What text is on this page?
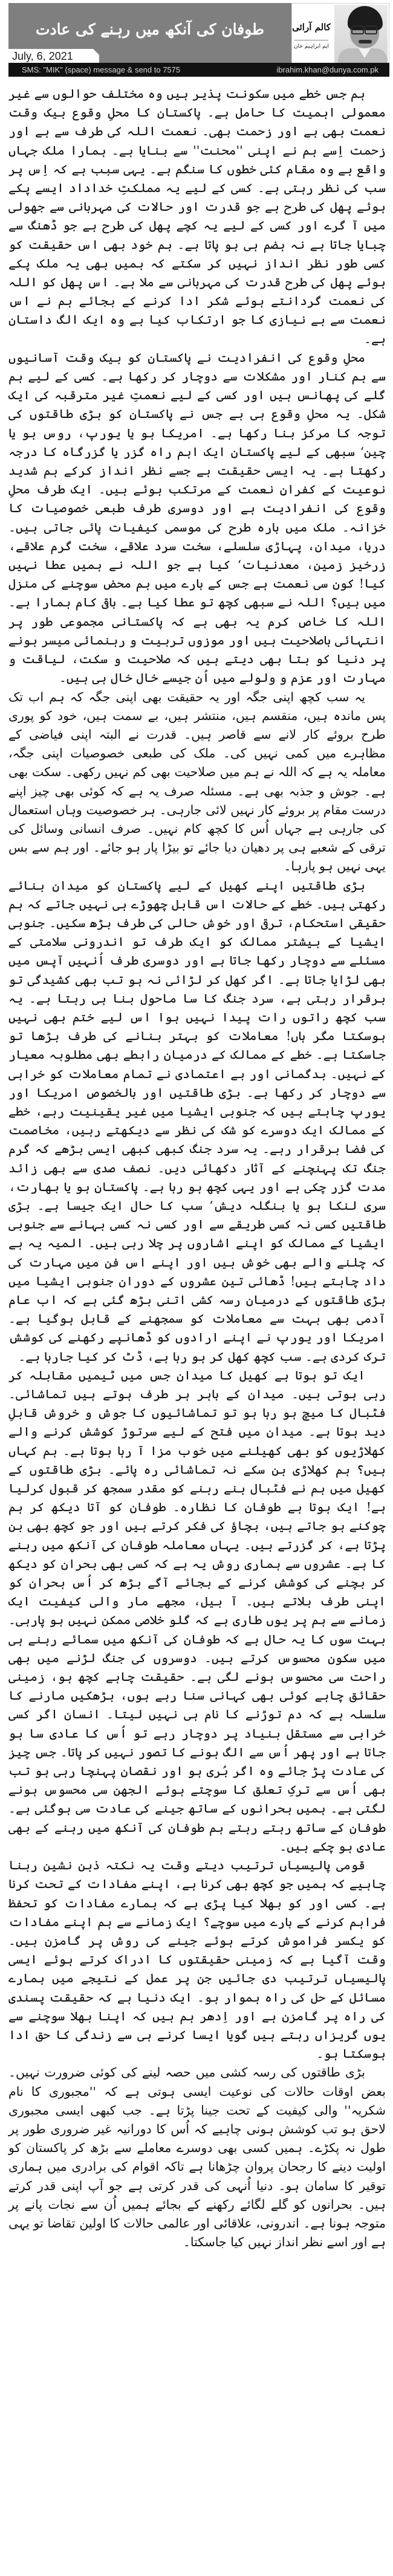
طوفان کی آنکھ میں رہنے کی عادت
July, 6, 2021
کالم آرائی
ایم ابراہیم خان
SMS: "MIK" (space) message & send to 7575	ibrahim.khan@dunya.com.pk

ہم جس خطے میں سکونت پذیر ہیں وہ مختلف حوالوں سے غیر معمولی اہمیت کا حامل ہے۔ پاکستان کا محلِ وقوع بیک وقت نعمت بھی ہے اور زحمت بھی۔ نعمت اللہ کی طرف سے ہے اور زحمت اِسے ہم نے اپنی ''محنت'' سے بنایا ہے۔ ہمارا ملک جہاں واقع ہے وہ مقام کئی خطوں کا سنگم ہے۔ یہی سبب ہے کہ اِس پر سب کی نظر رہتی ہے۔ کسی کے لیے یہ مملکتِ خداداد ایسے پکے ہوئے پھل کی طرح ہے جو قدرت اور حالات کی مہربانی سے جھولی میں آ گرے اور کسی کے لیے یہ کچے پھل کی طرح ہے جو ڈھنگ سے چبایا جاتا ہے نہ ہضم ہی ہو پاتا ہے۔ ہم خود بھی اس حقیقت کو کسی طور نظر انداز نہیں کر سکتے کہ ہمیں بھی یہ ملک پکے ہوئے پھل کی طرح قدرت کی مہربانی سے ملا ہے۔ اس پھل کو اللہ کی نعمت گردانتے ہوئے شکر ادا کرنے کے بجائے ہم نے اس نعمت سے بے نیازی کا جو ارتکاب کیا ہے وہ ایک الگ داستان ہے۔

محلِ وقوع کی انفرادیت نے پاکستان کو بیک وقت آسانیوں سے ہم کنار اور مشکلات سے دوچار کر رکھا ہے۔ کسی کے لیے ہم گلے کی پھانس ہیں اور کسی کے لیے نعمتِ غیر مترقبہ کی ایک شکل۔ یہ محلِ وقوع ہی ہے جس نے پاکستان کو بڑی طاقتوں کی توجہ کا مرکز بنا رکھا ہے۔ امریکا ہو یا یورپ، روس ہو یا چین‘ سبھی کے لیے پاکستان ایک اہم راہ گزر یا گزرگاہ کا درجہ رکھتا ہے۔ یہ ایسی حقیقت ہے جسے نظر انداز کرکے ہم شدید نوعیت کے کفرانِ نعمت کے مرتکب ہوئے ہیں۔ ایک طرف محلِ وقوع کی انفرادیت ہے اور دوسری طرف طبعی خصوصیات کا خزانہ۔ ملک میں بارہ طرح کی موسمی کیفیات پائی جاتی ہیں۔ دریا، میدان، پہاڑی سلسلے، سخت سرد علاقے، سخت گرم علاقے، زرخیز زمین، معدنیات‘ کیا ہے جو اللہ نے ہمیں عطا نہیں کیا! کون سی نعمت ہے جس کے بارے میں ہم محض سوچنے کی منزل میں ہیں؟ اللہ نے سبھی کچھ تو عطا کیا ہے۔ باقی کام ہمارا ہے۔ اللہ کا خاص کرم یہ بھی ہے کہ پاکستانی مجموعی طور پر انتہائی باصلاحیت ہیں اور موزوں تربیت و رہنمائی میسر ہونے پر دنیا کو بتا بھی دیتے ہیں کہ صلاحیت و سکت، لیاقت و مہارت اور عزم و ولولے میں اُن جیسے خال خال ہی ہیں۔

یہ سب کچھ اپنی جگہ اور یہ حقیقت بھی اپنی جگہ کہ ہم اب تک پس ماندہ ہیں، منقسم ہیں، منتشر ہیں، بے سمت ہیں، خود کو پوری طرح بروئے کار لانے سے قاصر ہیں۔ قدرت نے البتہ اپنی فیاضی کے مظاہرے میں کمی نہیں کی۔ ملک کی طبعی خصوصیات اپنی جگہ، معاملہ یہ ہے کہ اللہ نے ہم میں صلاحیت بھی کم نہیں رکھی۔ سکت بھی ہے۔ جوش و جذبہ بھی ہے۔ مسئلہ صرف یہ ہے کہ کوئی بھی چیز اپنے درست مقام پر بروئے کار نہیں لائی جارہی۔ ہر خصوصیت وہاں استعمال کی جارہی ہے جہاں اُس کا کچھ کام نہیں۔ صرف انسانی وسائل کی ترقی کے شعبے ہی پر دھیان دیا جائے تو بیڑا پار ہو جائے۔ اور ہم سے بس یہی نہیں ہو پارہا۔

بڑی طاقتیں اپنے کھیل کے لیے پاکستان کو میدان بنائے رکھتی ہیں۔ خطے کے حالات اس قابل چھوڑے ہی نہیں جاتے کہ ہم حقیقی استحکام، ترقی اور خوش حالی کی طرف بڑھ سکیں۔ جنوبی ایشیا کے بیشتر ممالک کو ایک طرف تو اندرونی سلامتی کے مسئلے سے دوچار رکھا جاتا ہے اور دوسری طرف اُنہیں آپس میں بھی لڑایا جاتا ہے۔ اگر کھل کر لڑائی نہ ہو تب بھی کشیدگی تو برقرار رہتی ہے، سرد جنگ کا سا ماحول بنا ہی رہتا ہے۔ یہ سب کچھ راتوں رات پیدا نہیں ہوا اس لیے ختم بھی نہیں ہوسکتا مگر ہاں! معاملات کو بہتر بنانے کی طرف بڑھا تو جاسکتا ہے۔ خطے کے ممالک کے درمیان رابطے بھی مطلوبہ معیار کے نہیں۔ بدگمانی اور بے اعتمادی نے تمام معاملات کو خرابی سے دوچار کر رکھا ہے۔ بڑی طاقتیں اور بالخصوص امریکا اور یورپ چاہتے ہیں کہ جنوبی ایشیا میں غیر یقینیت رہے، خطے کے ممالک ایک دوسرے کو شک کی نظر سے دیکھتے رہیں، مخاصمت کی فضا برقرار رہے۔ یہ سرد جنگ کبھی کبھی ایسی بڑھے کہ گرم جنگ تک پہنچنے کے آثار دکھائی دیں۔ نصف صدی سے بھی زائد مدت گزر چکی ہے اور یہی کچھ ہو رہا ہے۔ پاکستان ہو یا بھارت، سری لنکا ہو یا بنگلہ دیش‘ سب کا حال ایک جیسا ہے۔ بڑی طاقتیں کسی نہ کسی طریقے سے اور کسی نہ کسی بہانے سے جنوبی ایشیا کے ممالک کو اپنے اشاروں پر چلا رہی ہیں۔ المیہ یہ ہے کہ چلنے والے بھی خوش ہیں اور اپنے اس فن میں مہارت کی داد چاہتے ہیں! ڈھائی تین عشروں کے دوران جنوبی ایشیا میں بڑی طاقتوں کے درمیان رسہ کشی اتنی بڑھ گئی ہے کہ اب عام آدمی بھی بہت سے معاملات کو سمجھنے کے قابل ہوگیا ہے۔ امریکا اور یورپ نے اپنے ارادوں کو ڈھانپے رکھنے کی کوشش ترک کردی ہے۔ سب کچھ کھل کر ہو رہا ہے، ڈٹ کر کیا جارہا ہے۔

ایک تو ہوتا ہے کھیل کا میدان جس میں ٹیمیں مقابلہ کر رہی ہوتی ہیں۔ میدان کے باہر ہر طرف ہوتے ہیں تماشائی۔ فٹبال کا میچ ہو رہا ہو تو تماشائیوں کا جوش و خروش قابلِ دید ہوتا ہے۔ میدان میں فتح کے لیے سرتوڑ کوشش کرنے والے کھلاڑیوں کو بھی کھیلنے میں خوب مزا آ رہا ہوتا ہے۔ ہم کہاں ہیں؟ ہم کھلاڑی بن سکے نہ تماشائی رہ پائے۔ بڑی طاقتوں کے کھیل میں ہم نے فٹبال بنے رہنے کو مقدر سمجھ کر قبول کرلیا ہے! ایک ہوتا ہے طوفان کا نظارہ۔ طوفان کو آتا دیکھ کر ہم چوکنے ہو جاتے ہیں، بچاؤ کی فکر کرتے ہیں اور جو کچھ بھی بن پڑتا ہے، کر گزرتے ہیں۔ یہاں معاملہ طوفان کی آنکھ میں رہنے کا ہے۔ عشروں سے ہماری روش یہ ہے کہ کسی بھی بحران کو دیکھ کر بچنے کی کوشش کرنے کے بجائے آگے بڑھ کر اُس بحران کو اپنی طرف بلاتے ہیں۔ آ بیل، مجھے مار والی کیفیت ایک زمانے سے ہم پر یوں طاری ہے کہ گلو خلاصی ممکن نہیں ہو پارہی۔ بہت سوں کا یہ حال ہے کہ طوفان کی آنکھ میں سمائے رہنے ہی میں سکون محسوس کرتے ہیں۔ دوسروں کی جنگ لڑنے میں بھی راحت سی محسوس ہونے لگی ہے۔ حقیقت چاہے کچھ ہو، زمینی حقائق چاہے کوئی بھی کہانی سنا رہے ہوں، بڑھکیں مارنے کا سلسلہ ہے کہ دم توڑنے کا نام ہی نہیں لیتا۔ انسان اگر کسی خرابی سے مستقل بنیاد پر دوچار رہے تو اُس کا عادی سا ہو جاتا ہے اور پھر اُس سے الگ ہونے کا تصور نہیں کر پاتا۔ جس چیز کی عادت پڑ جائے وہ اگر بُری ہو اور نقصان پہنچا رہی ہو تب بھی اُس سے ترکِ تعلق کا سوچتے ہوئے الجھن سی محسوس ہونے لگتی ہے۔ ہمیں بحرانوں کے ساتھ جینے کی عادت سی ہوگئی ہے۔ طوفان کے ساتھ رہتے رہتے ہم طوفان کی آنکھ میں رہنے کے بھی عادی ہو چکے ہیں۔

قومی پالیسیاں ترتیب دیتے وقت یہ نکتہ ذہن نشین رہنا چاہیے کہ ہمیں جو کچھ بھی کرنا ہے، اپنے مفادات کے تحت کرنا ہے۔ کسی اور کو بھلا کیا پڑی ہے کہ ہمارے مفادات کو تحفظ فراہم کرنے کے بارے میں سوچے؟ ایک زمانے سے ہم اپنے مفادات کو یکسر فراموش کرتے ہوئے جینے کی روش پر گامزن ہیں۔ وقت آگیا ہے کہ زمینی حقیقتوں کا ادراک کرتے ہوئے ایسی پالیسیاں ترتیب دی جائیں جن پر عمل کے نتیجے میں ہمارے مسائل کے حل کی راہ ہموار ہو۔ ایک دنیا ہے کہ حقیقت پسندی کی راہ پر گامزن ہے اور اِدھر ہم ہیں کہ اپنا بھلا سوچنے سے یوں گریزاں رہتے ہیں گویا ایسا کرنے ہی سے زندگی کا حق ادا ہوسکتا ہو۔

بڑی طاقتوں کی رسہ کشی میں حصہ لینے کی کوئی ضرورت نہیں۔ بعض اوقات حالات کی نوعیت ایسی ہوتی ہے کہ ''مجبوری کا نام شکریہ'' والی کیفیت کے تحت جینا پڑتا ہے۔ جب کبھی ایسی مجبوری لاحق ہو تب کوشش ہونی چاہیے کہ اُس کا دورانیہ غیر ضروری طور پر طول نہ پکڑے۔ ہمیں کسی بھی دوسرے معاملے سے بڑھ کر پاکستان کو اولیت دینے کا رجحان پروان چڑھانا ہے تاکہ اقوام کی برادری میں ہماری توقیر کا سامان ہو۔ دنیا اُنہی کی قدر کرتی ہے جو آپ اپنی قدر کرتے ہیں۔ بحرانوں کو گلے لگائے رکھنے کے بجائے ہمیں اُن سے نجات پانے پر متوجہ ہونا ہے۔ اندرونی، علاقائی اور عالمی حالات کا اولین تقاضا تو یہی ہے اور اسے نظر انداز نہیں کیا جاسکتا۔
